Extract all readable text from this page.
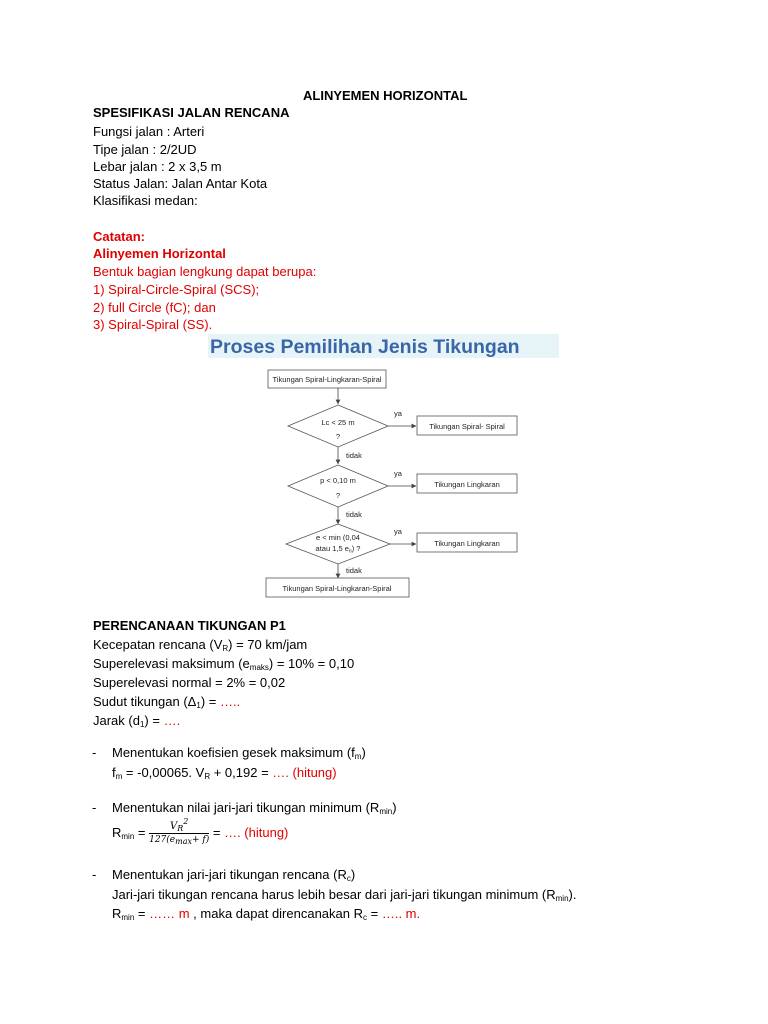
ALINYEMEN HORIZONTAL
SPESIFIKASI JALAN RENCANA
Fungsi jalan : Arteri
Tipe jalan : 2/2UD
Lebar jalan : 2 x 3,5 m
Status Jalan: Jalan Antar Kota
Klasifikasi medan:
Catatan:
Alinyemen Horizontal
Bentuk bagian lengkung dapat berupa:
1) Spiral-Circle-Spiral (SCS);
2) full Circle (fC); dan
3) Spiral-Spiral (SS).
Proses Pemilihan Jenis Tikungan
Tikungan Spiral-Lingkaran-Spiral
Lc < 25 m
?
ya
Tikungan Spiral- Spiral
tidak
p < 0,10 m
?
ya
Tikungan Lingkaran
tidak
e < min (0,04
atau 1,5 $e_n$) ?
ya
Tikungan Lingkaran
tidak
Tikungan Spiral-Lingkaran-Spiral
PERENCANAAN TIKUNGAN P1
Kecepatan rencana $(V_R) = 70$ km/jam
Superelevasi maksimum $(e_{maks}) = 10\% = 0,10$
Superelevasi normal = 2% = 0,02
Sudut tikungan $(\Delta_1)$ = …..
Jarak $(d_1)$ = ….
- Menentukan koefisien gesek maksimum $(f_m)$
$f_m = -0,00065$. $V_R + 0,192$ = …. (hitung)
- Menentukan nilai jari-jari tikungan minimum $(R_{min})$
$R_{min} = \frac{V_R^2}{127(e_{max}+ f)}$ = …. (hitung)
- Menentukan jari-jari tikungan rencana $(R_c)$
Jari-jari tikungan rencana harus lebih besar dari jari-jari tikungan minimum $(R_{min})$.
$R_{min}$ = …… m , maka dapat direncanakan $R_c$ = ….. m.
